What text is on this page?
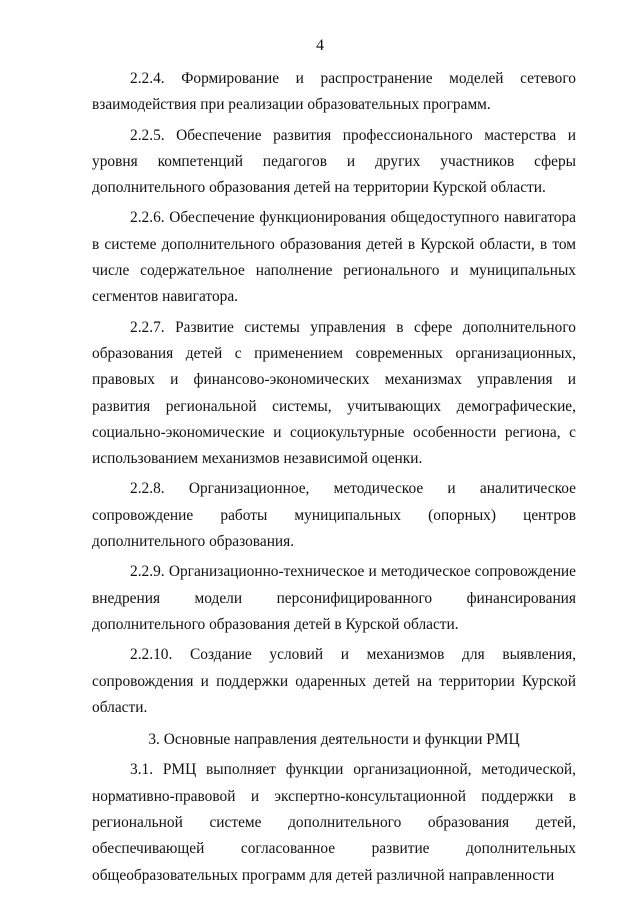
4

2.2.4. Формирование и распространение моделей сетевого взаимодействия при реализации образовательных программ.

2.2.5. Обеспечение развития профессионального мастерства и уровня компетенций педагогов и других участников сферы дополнительного образования детей на территории Курской области.

2.2.6. Обеспечение функционирования общедоступного навигатора в системе дополнительного образования детей в Курской области, в том числе содержательное наполнение регионального и муниципальных сегментов навигатора.

2.2.7. Развитие системы управления в сфере дополнительного образования детей с применением современных организационных, правовых и финансово-экономических механизмах управления и развития региональной системы, учитывающих демографические, социально-экономические и социокультурные особенности региона, с использованием механизмов независимой оценки.

2.2.8. Организационное, методическое и аналитическое сопровождение работы муниципальных (опорных) центров дополнительного образования.

2.2.9. Организационно-техническое и методическое сопровождение внедрения модели персонифицированного финансирования дополнительного образования детей в Курской области.

2.2.10. Создание условий и механизмов для выявления, сопровождения и поддержки одаренных детей на территории Курской области.

3. Основные направления деятельности и функции РМЦ

3.1. РМЦ выполняет функции организационной, методической, нормативно-правовой и экспертно-консультационной поддержки в региональной системе дополнительного образования детей, обеспечивающей согласованное развитие дополнительных общеобразовательных программ для детей различной направленности
